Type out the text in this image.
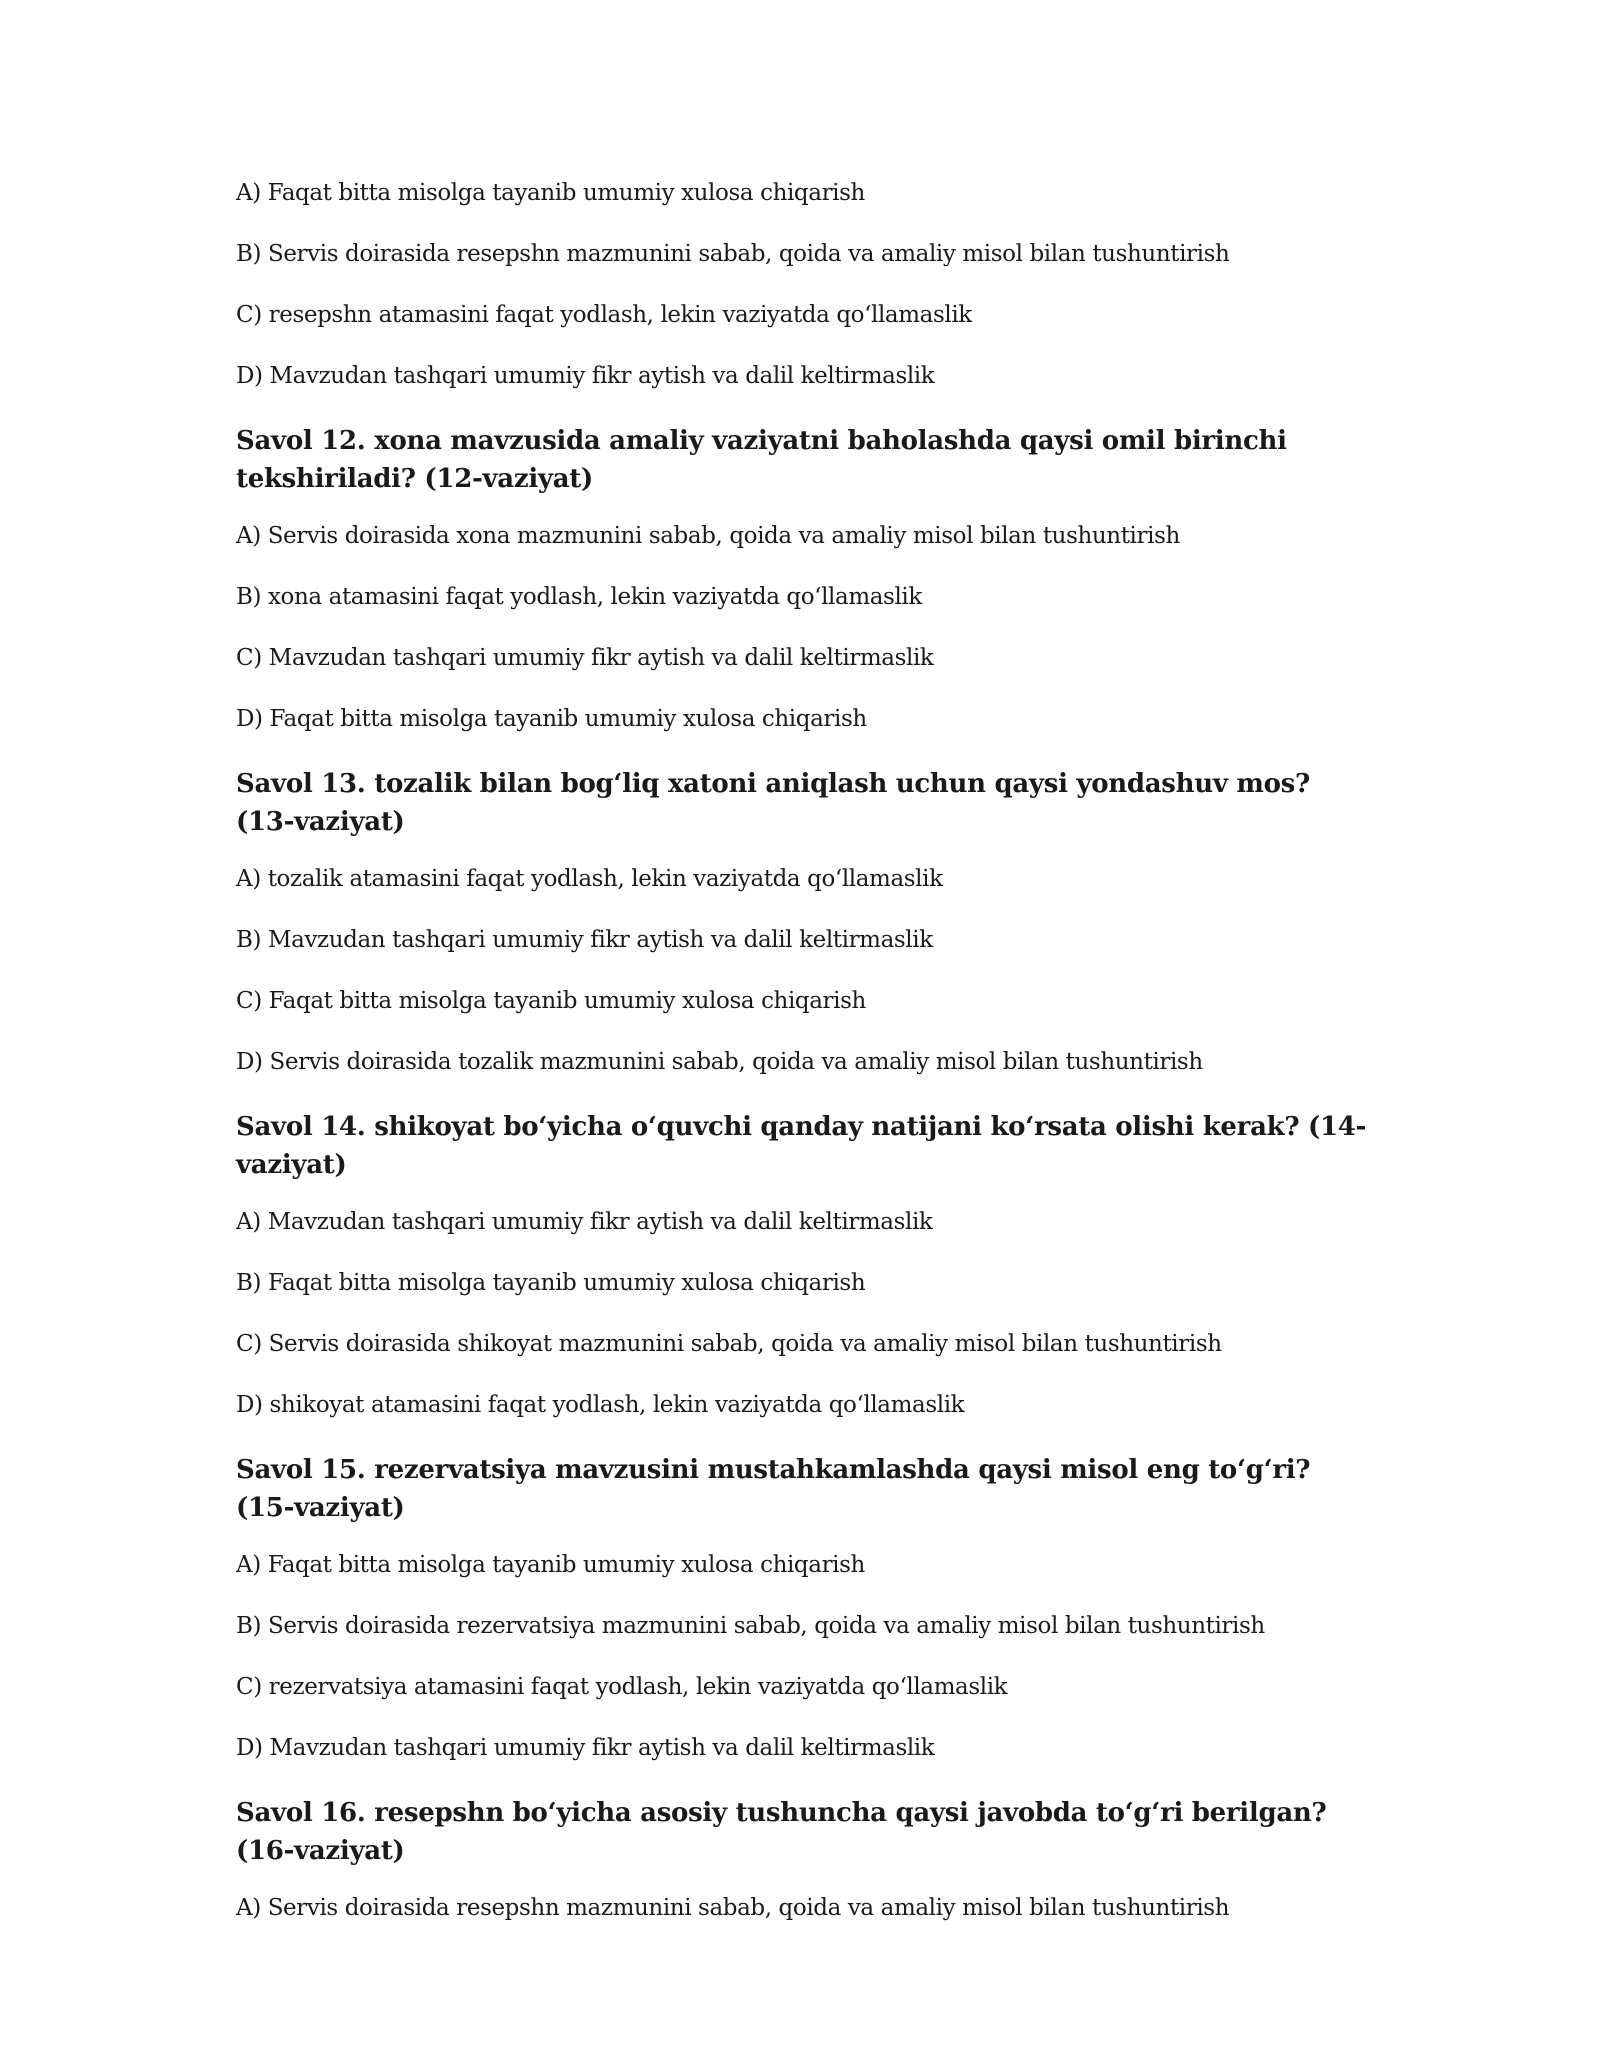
A) Faqat bitta misolga tayanib umumiy xulosa chiqarish

B) Servis doirasida resepshn mazmunini sabab, qoida va amaliy misol bilan tushuntirish

C) resepshn atamasini faqat yodlash, lekin vaziyatda qo‘llamaslik

D) Mavzudan tashqari umumiy fikr aytish va dalil keltirmaslik

Savol 12. xona mavzusida amaliy vaziyatni baholashda qaysi omil birinchi tekshiriladi? (12-vaziyat)

A) Servis doirasida xona mazmunini sabab, qoida va amaliy misol bilan tushuntirish

B) xona atamasini faqat yodlash, lekin vaziyatda qo‘llamaslik

C) Mavzudan tashqari umumiy fikr aytish va dalil keltirmaslik

D) Faqat bitta misolga tayanib umumiy xulosa chiqarish

Savol 13. tozalik bilan bog‘liq xatoni aniqlash uchun qaysi yondashuv mos? (13-vaziyat)

A) tozalik atamasini faqat yodlash, lekin vaziyatda qo‘llamaslik

B) Mavzudan tashqari umumiy fikr aytish va dalil keltirmaslik

C) Faqat bitta misolga tayanib umumiy xulosa chiqarish

D) Servis doirasida tozalik mazmunini sabab, qoida va amaliy misol bilan tushuntirish

Savol 14. shikoyat bo‘yicha o‘quvchi qanday natijani ko‘rsata olishi kerak? (14-vaziyat)

A) Mavzudan tashqari umumiy fikr aytish va dalil keltirmaslik

B) Faqat bitta misolga tayanib umumiy xulosa chiqarish

C) Servis doirasida shikoyat mazmunini sabab, qoida va amaliy misol bilan tushuntirish

D) shikoyat atamasini faqat yodlash, lekin vaziyatda qo‘llamaslik

Savol 15. rezervatsiya mavzusini mustahkamlashda qaysi misol eng to‘g‘ri? (15-vaziyat)

A) Faqat bitta misolga tayanib umumiy xulosa chiqarish

B) Servis doirasida rezervatsiya mazmunini sabab, qoida va amaliy misol bilan tushuntirish

C) rezervatsiya atamasini faqat yodlash, lekin vaziyatda qo‘llamaslik

D) Mavzudan tashqari umumiy fikr aytish va dalil keltirmaslik

Savol 16. resepshn bo‘yicha asosiy tushuncha qaysi javobda to‘g‘ri berilgan? (16-vaziyat)

A) Servis doirasida resepshn mazmunini sabab, qoida va amaliy misol bilan tushuntirish
